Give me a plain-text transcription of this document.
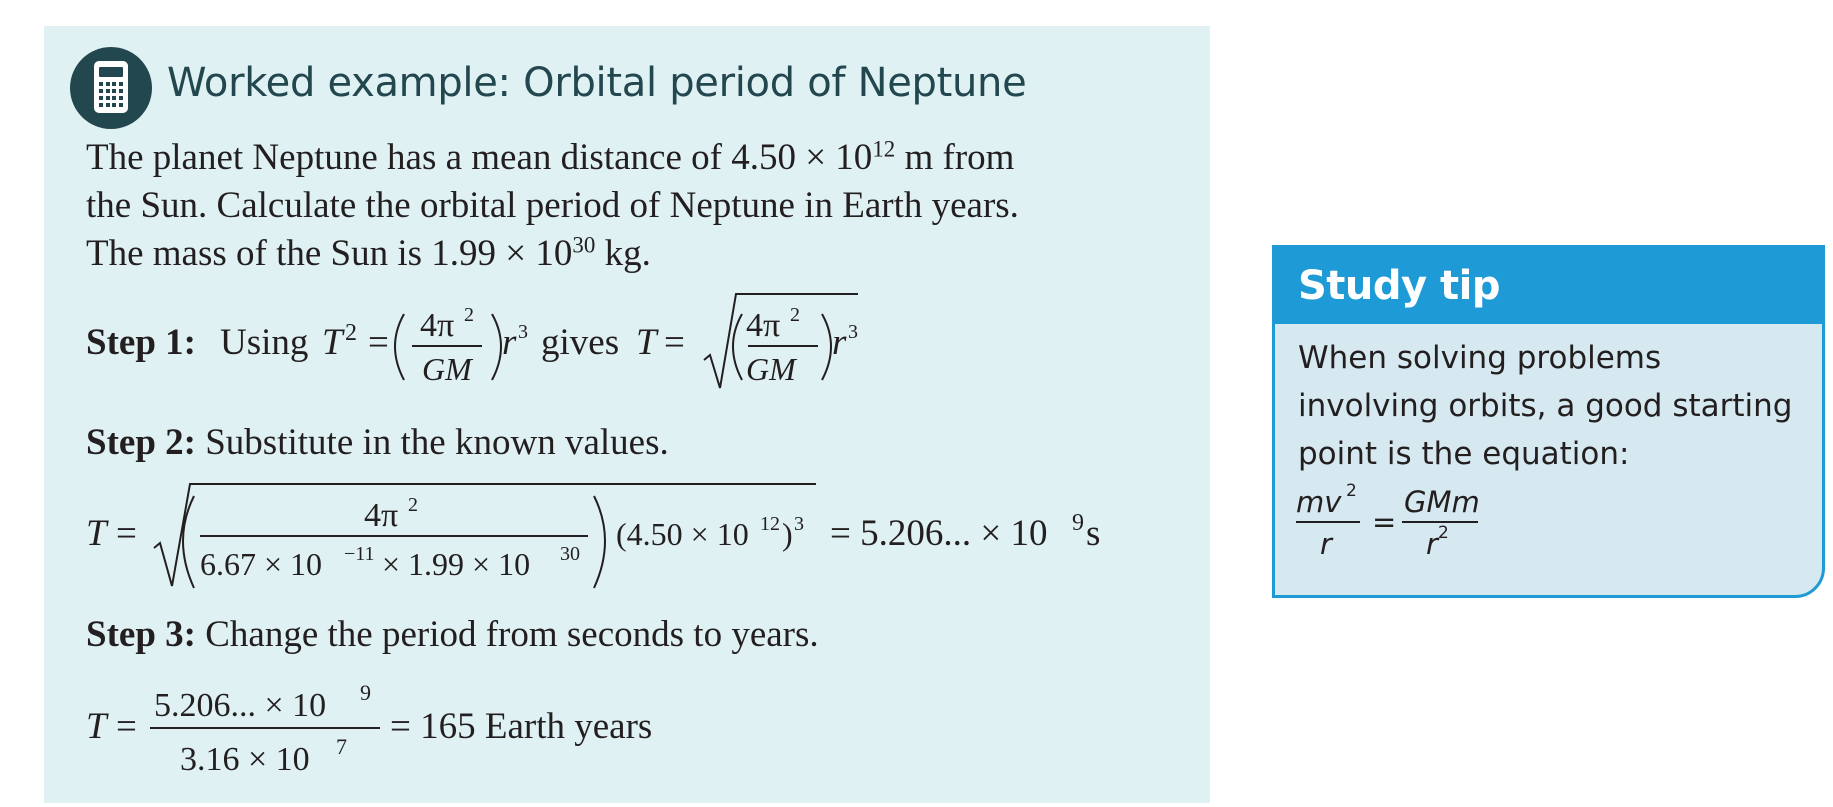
Worked example: Orbital period of Neptune

The planet Neptune has a mean distance of $4.50 \times 10^{12}$ m from

the Sun. Calculate the orbital period of Neptune in Earth years.

The mass of the Sun is $1.99 \times 10^{30}$ kg.

Step 1: Using T 2 = 4π 2
GM
r 3 gives T = 4π 2
GM
r 3
Step 2: Substitute in the known values.
T =	4π 2
6.67 × 10 −11 × 1.99 × 10 30
(4.50 × 10 12 ) 3 = 5.206... × 10 9 s
Step 3: Change the period from seconds to years.
T =
5.206... × 10 9
3.16 × 10 7 = 165 Earth years
Study tip
When solving problems involving orbits, a good starting point is the equation:
mv 2
r
=
GMm
r 2
